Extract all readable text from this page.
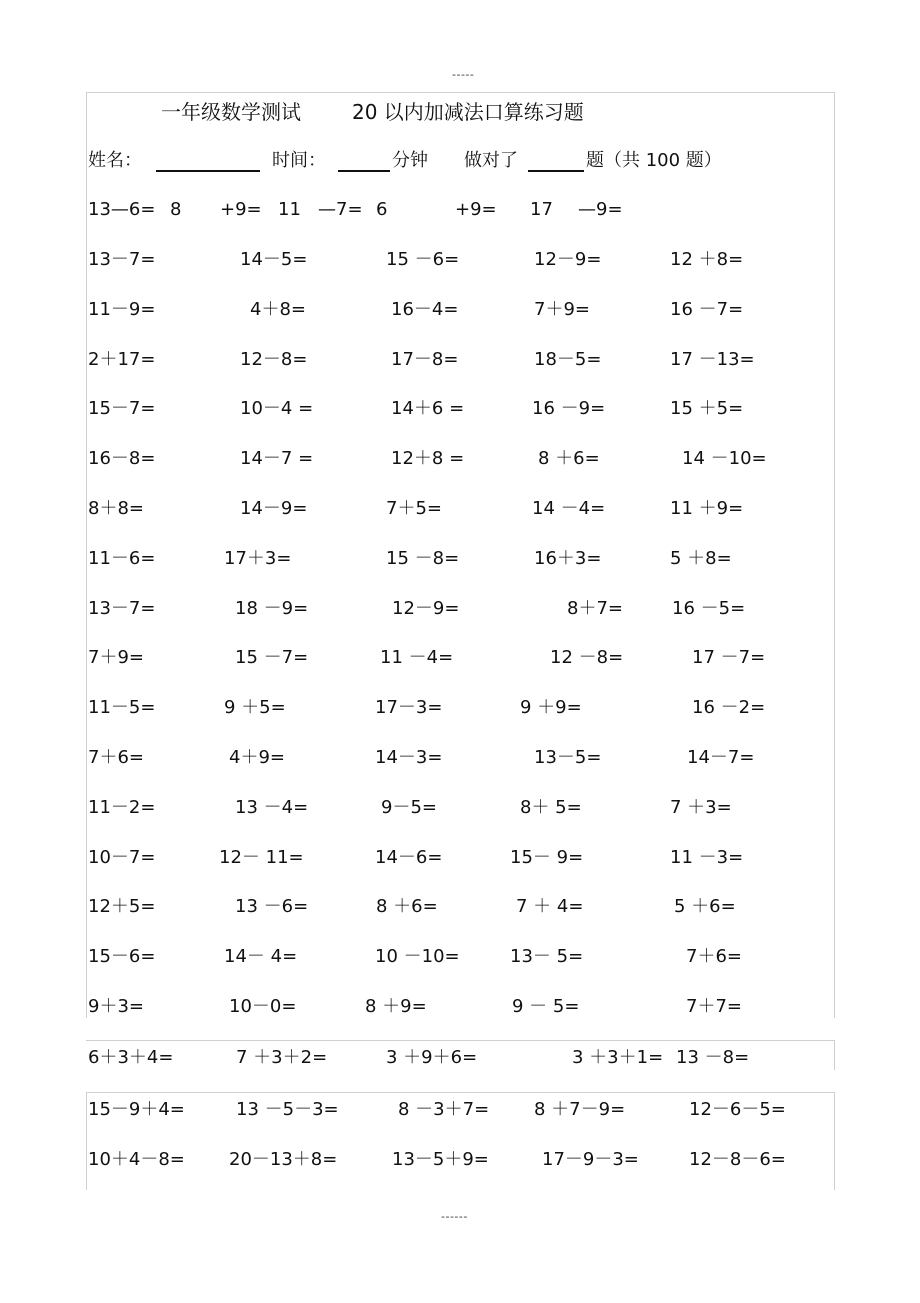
-----
------
一年级数学测试	20 以内加减法口算练习题
姓名：	时间：	分钟 做对了	题（共 100 题）
13—6= 8 +9= 11 —7= 6	+9= 17 —9=
13－7=	14－5=	15 －6=	12－9=	12 ＋8=
11－9=	4＋8=	16－4=	7＋9=	16 －7=
2＋17=	12－8=	17－8=	18－5=	17 －13=
15－7=	10－4 =	14＋6 =	16 －9=	15 ＋5=
16－8=	14－7 =	12＋8 =	8 ＋6=	14 －10=
8＋8=	14－9=	7＋5=	14 －4=	11 ＋9=
11－6=	17＋3=	15 －8=	16＋3=	5 ＋8=
13－7=	18 －9=	12－9=	8＋7=	16 －5=
7＋9=	15 －7=	11 －4=	12 －8=	17 －7=
11－5=	9 ＋5=	17－3=	9 ＋9=	16 －2=
7＋6=	4＋9=	14－3=	13－5=	14－7=
11－2=	13 －4=	9－5=	8＋ 5=	7 ＋3=
10－7=	12－ 11=	14－6=	15－ 9=	11 －3=
12＋5=	13 －6=	8 ＋6=	7 ＋ 4=	5 ＋6=
15－6=	14－ 4=	10 －10=	13－ 5=	7＋6=
9＋3=	10－0=	8 ＋9=	9 － 5=	7＋7=
6＋3＋4=	7 ＋3＋2=	3 ＋9＋6=	3 ＋3＋1= 13 －8=
15－9＋4=	13 －5－3=	8 －3＋7= 8 ＋7－9=	12－6－5=
10＋4－8= 20－13＋8=	13－5＋9=	17－9－3=	12－8－6=
